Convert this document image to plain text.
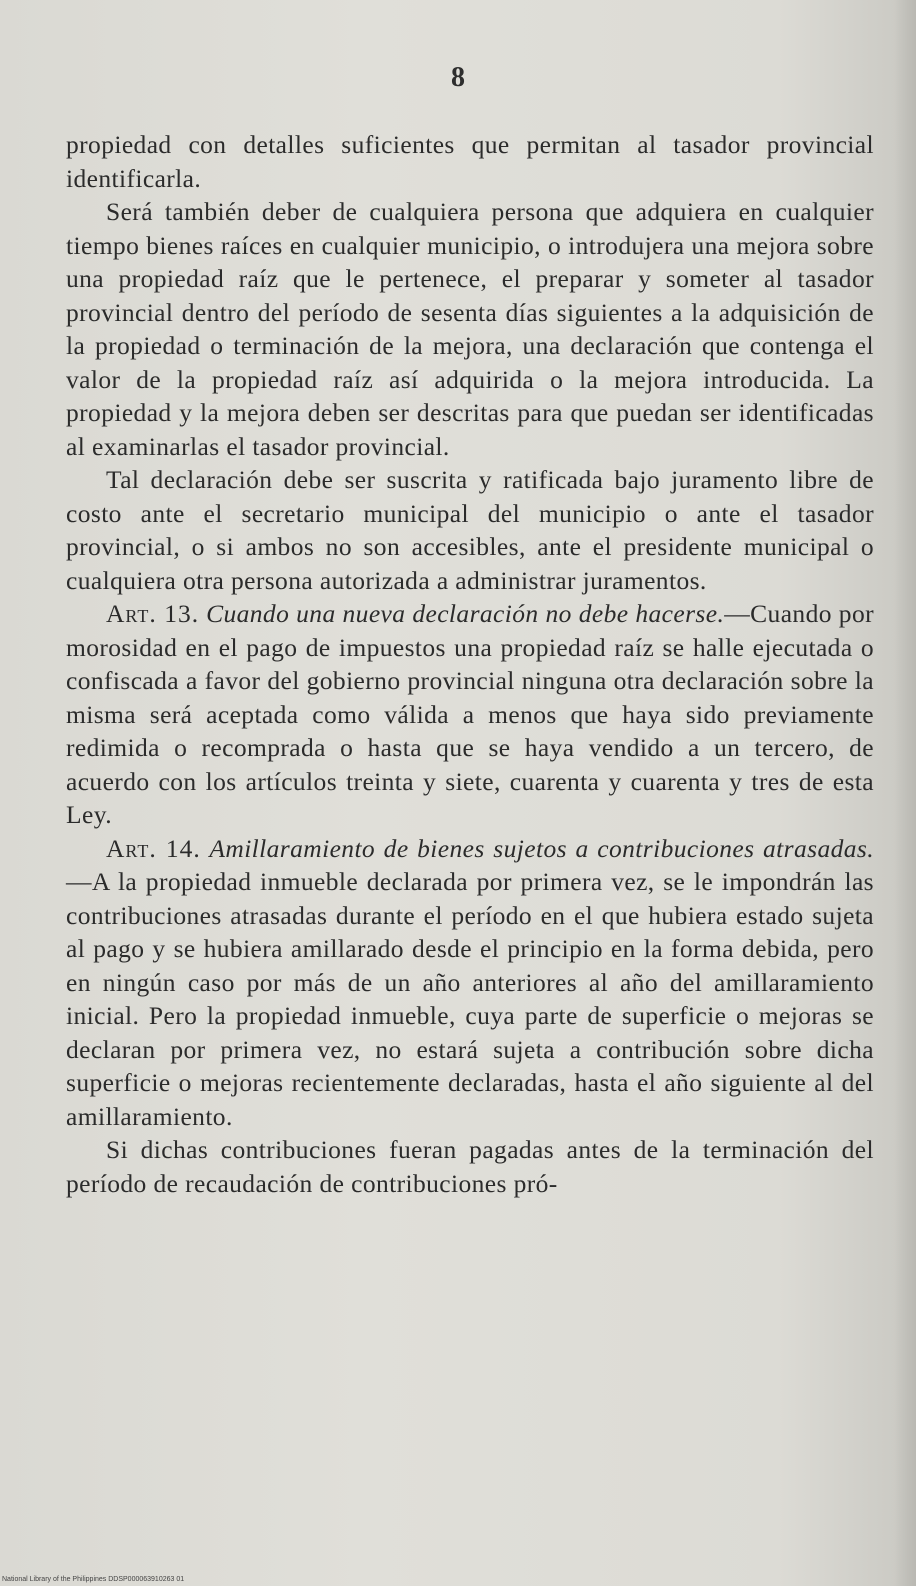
8

propiedad con detalles suficientes que permitan al tasador provincial identificarla.

Será también deber de cualquiera persona que adquiera en cualquier tiempo bienes raíces en cualquier municipio, o introdujera una mejora sobre una propiedad raíz que le pertenece, el preparar y someter al tasador provincial dentro del período de sesenta días siguientes a la adquisición de la propiedad o terminación de la mejora, una declaración que contenga el valor de la propiedad raíz así adquirida o la mejora introducida. La propiedad y la mejora deben ser descritas para que puedan ser identificadas al examinarlas el tasador provincial.

Tal declaración debe ser suscrita y ratificada bajo juramento libre de costo ante el secretario municipal del municipio o ante el tasador provincial, o si ambos no son accesibles, ante el presidente municipal o cualquiera otra persona autorizada a administrar juramentos.

Art. 13. Cuando una nueva declaración no debe hacerse.—Cuando por morosidad en el pago de impuestos una propiedad raíz se halle ejecutada o confiscada a favor del gobierno provincial ninguna otra declaración sobre la misma será aceptada como válida a menos que haya sido previamente redimida o recomprada o hasta que se haya vendido a un tercero, de acuerdo con los artículos treinta y siete, cuarenta y cuarenta y tres de esta Ley.

Art. 14. Amillaramiento de bienes sujetos a contribuciones atrasadas.—A la propiedad inmueble declarada por primera vez, se le impondrán las contribuciones atrasadas durante el período en el que hubiera estado sujeta al pago y se hubiera amillarado desde el principio en la forma debida, pero en ningún caso por más de un año anteriores al año del amillaramiento inicial. Pero la propiedad inmueble, cuya parte de superficie o mejoras se declaran por primera vez, no estará sujeta a contribución sobre dicha superficie o mejoras recientemente declaradas, hasta el año siguiente al del amillaramiento.

Si dichas contribuciones fueran pagadas antes de la terminación del período de recaudación de contribuciones pró-

National Library of the Philippines DDSP000063910263 01
